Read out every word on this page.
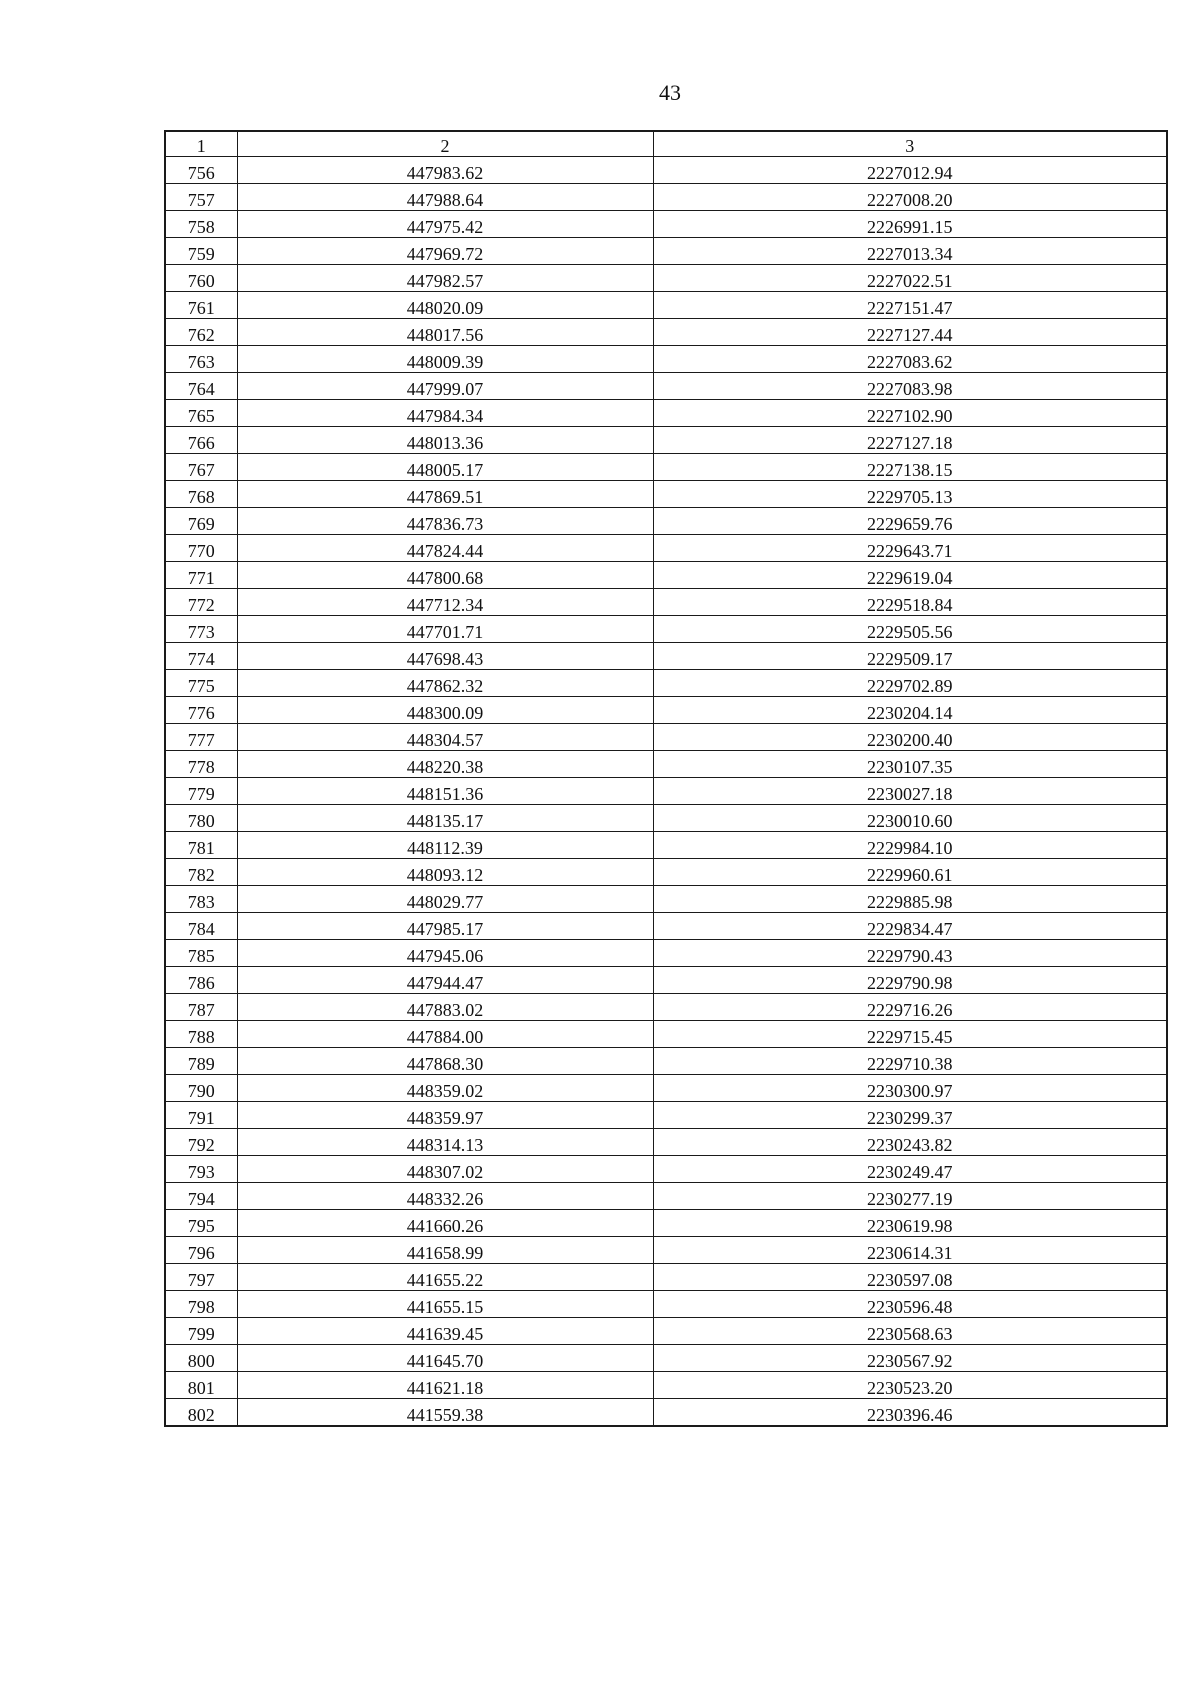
43
1	2	3
756	447983.62	2227012.94
757	447988.64	2227008.20
758	447975.42	2226991.15
759	447969.72	2227013.34
760	447982.57	2227022.51
761	448020.09	2227151.47
762	448017.56	2227127.44
763	448009.39	2227083.62
764	447999.07	2227083.98
765	447984.34	2227102.90
766	448013.36	2227127.18
767	448005.17	2227138.15
768	447869.51	2229705.13
769	447836.73	2229659.76
770	447824.44	2229643.71
771	447800.68	2229619.04
772	447712.34	2229518.84
773	447701.71	2229505.56
774	447698.43	2229509.17
775	447862.32	2229702.89
776	448300.09	2230204.14
777	448304.57	2230200.40
778	448220.38	2230107.35
779	448151.36	2230027.18
780	448135.17	2230010.60
781	448112.39	2229984.10
782	448093.12	2229960.61
783	448029.77	2229885.98
784	447985.17	2229834.47
785	447945.06	2229790.43
786	447944.47	2229790.98
787	447883.02	2229716.26
788	447884.00	2229715.45
789	447868.30	2229710.38
790	448359.02	2230300.97
791	448359.97	2230299.37
792	448314.13	2230243.82
793	448307.02	2230249.47
794	448332.26	2230277.19
795	441660.26	2230619.98
796	441658.99	2230614.31
797	441655.22	2230597.08
798	441655.15	2230596.48
799	441639.45	2230568.63
800	441645.70	2230567.92
801	441621.18	2230523.20
802	441559.38	2230396.46
